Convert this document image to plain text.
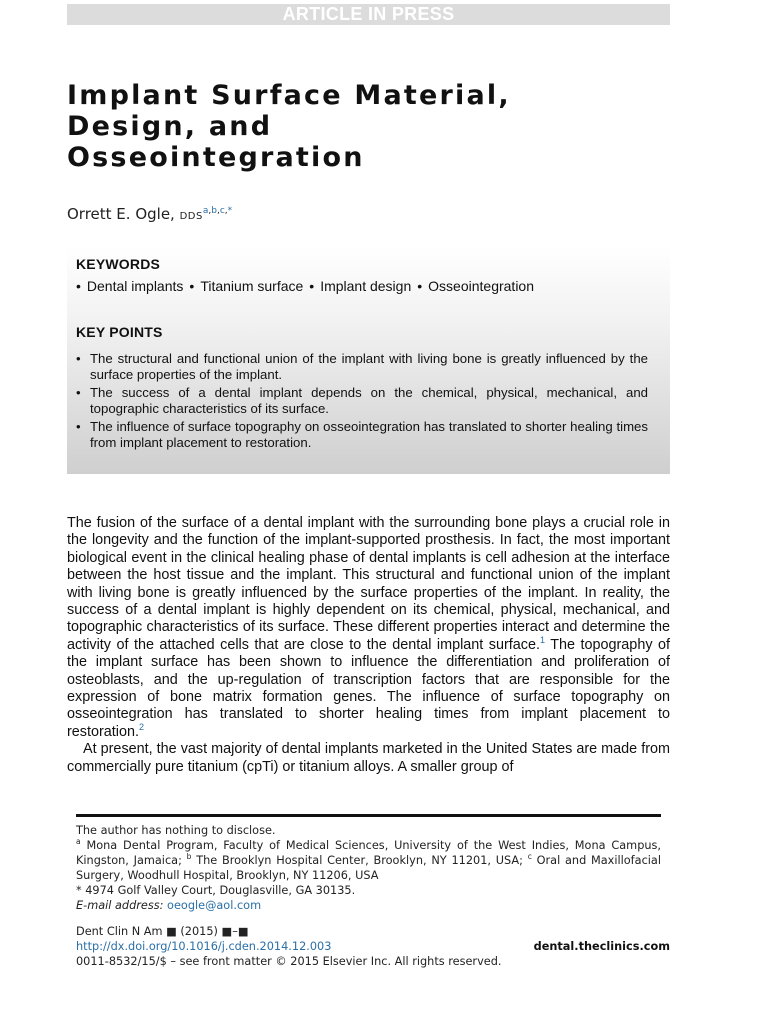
ARTICLE IN PRESS
Implant Surface Material,
Design, and
Osseointegration
Orrett E. Ogle, $DDS^{a,b,c,*}$
KEYWORDS
• Dental implants • Titanium surface • Implant design • Osseointegration
KEY POINTS
• The structural and functional union of the implant with living bone is greatly influenced by the surface properties of the implant.
• The success of a dental implant depends on the chemical, physical, mechanical, and topographic characteristics of its surface.
• The influence of surface topography on osseointegration has translated to shorter healing times from implant placement to restoration.

The fusion of the surface of a dental implant with the surrounding bone plays a crucial role in the longevity and the function of the implant-supported prosthesis. In fact, the most important biological event in the clinical healing phase of dental implants is cell adhesion at the interface between the host tissue and the implant. This structural and functional union of the implant with living bone is greatly influenced by the surface properties of the implant. In reality, the success of a dental implant is highly dependent on its chemical, physical, mechanical, and topographic characteristics of its surface. These different properties interact and determine the activity of the attached cells that are close to the dental implant surface.$^1$ The topography of the implant surface has been shown to influence the differentiation and proliferation of osteoblasts, and the up-regulation of transcription factors that are responsible for the expression of bone matrix formation genes. The influence of surface topography on osseointegration has translated to shorter healing times from implant placement to restoration.$^2$

At present, the vast majority of dental implants marketed in the United States are made from commercially pure titanium (cpTi) or titanium alloys. A smaller group of

The author has nothing to disclose.

$^a$ Mona Dental Program, Faculty of Medical Sciences, University of the West Indies, Mona Campus, Kingston, Jamaica; $^b$ The Brooklyn Hospital Center, Brooklyn, NY 11201, USA; $^c$ Oral and Maxillofacial Surgery, Woodhull Hospital, Brooklyn, NY 11206, USA

* 4974 Golf Valley Court, Douglasville, GA 30135.

E-mail address: oeogle@aol.com

Dent Clin N Am ■ (2015) ■–■

http://dx.doi.org/10.1016/j.cden.2014.12.003

0011-8532/15/$ – see front matter © 2015 Elsevier Inc. All rights reserved.

dental.theclinics.com
